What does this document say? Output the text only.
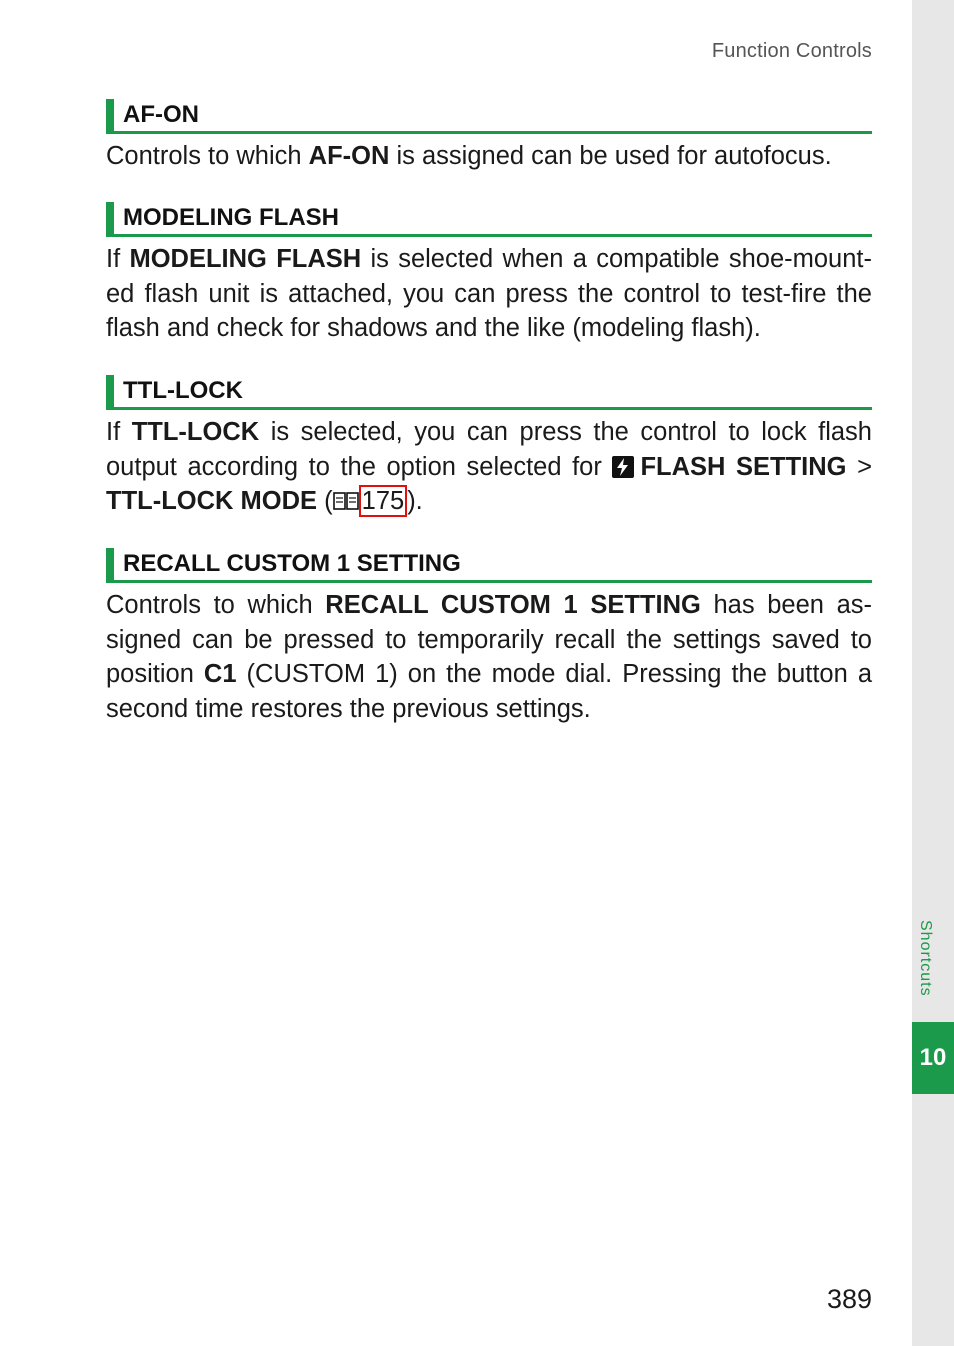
Function Controls
AF-ON

Controls to which AF-ON is assigned can be used for autofocus.

MODELING FLASH

If MODELING FLASH is selected when a compatible shoe-mount-ed flash unit is attached, you can press the control to test-fire the flash and check for shadows and the like (modeling flash).

TTL-LOCK

If TTL-LOCK is selected, you can press the control to lock flash output according to the option selected for FLASH SETTING > TTL-LOCK MODE ( 175 ).

RECALL CUSTOM 1 SETTING

Controls to which RECALL CUSTOM 1 SETTING has been as-signed can be pressed to temporarily recall the settings saved to position C1 (CUSTOM 1) on the mode dial. Pressing the button a second time restores the previous settings.

Shortcuts
10
389
